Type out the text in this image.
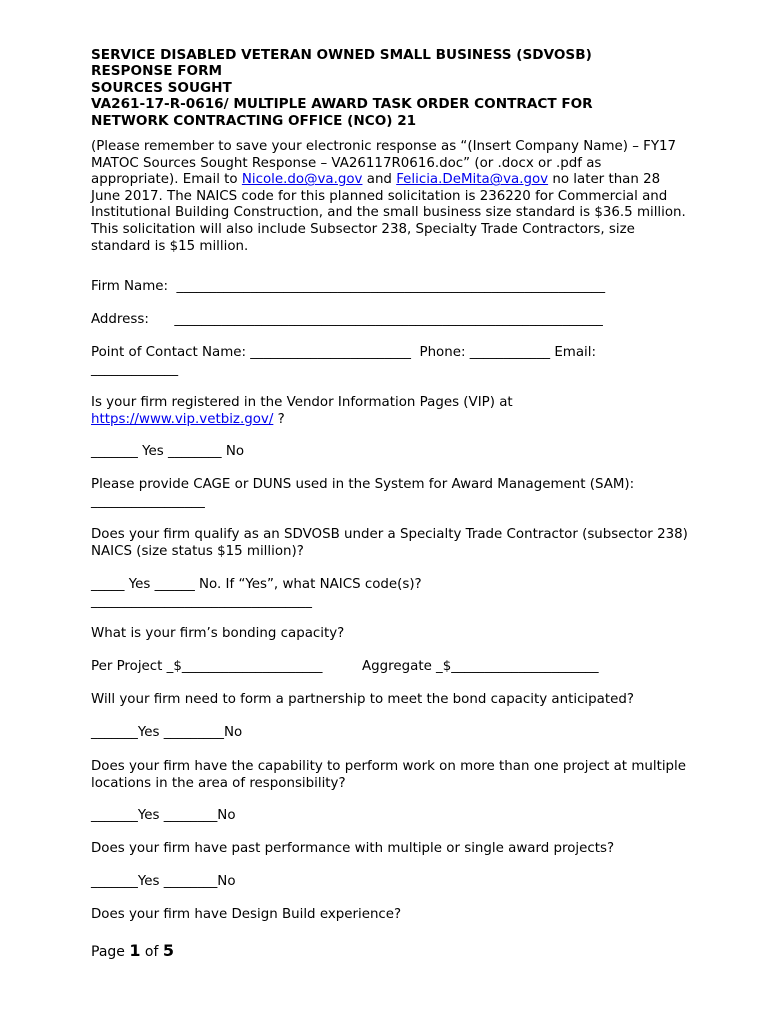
SERVICE DISABLED VETERAN OWNED SMALL BUSINESS (SDVOSB)

RESPONSE FORM

SOURCES SOUGHT

VA261-17-R-0616/ MULTIPLE AWARD TASK ORDER CONTRACT FOR

NETWORK CONTRACTING OFFICE (NCO) 21

(Please remember to save your electronic response as “(Insert Company Name) – FY17 MATOC Sources Sought Response – VA26117R0616.doc” (or .docx or .pdf as appropriate). Email to Nicole.do@va.gov and Felicia.DeMita@va.gov no later than 28 June 2017. The NAICS code for this planned solicitation is 236220 for Commercial and Institutional Building Construction, and the small business size standard is $36.5 million. This solicitation will also include Subsector 238, Specialty Trade Contractors, size standard is $15 million.

Firm Name:  ________________________________________________________________
Address:      ________________________________________________________________
Point of Contact Name: ________________________  Phone: ____________ Email:
_____________
Is your firm registered in the Vendor Information Pages (VIP) at
https://www.vip.vetbiz.gov/ ?
_______ Yes ________ No
Please provide CAGE or DUNS used in the System for Award Management (SAM):
_________________
Does your firm qualify as an SDVOSB under a Specialty Trade Contractor (subsector 238) NAICS (size status $15 million)?
_____ Yes ______ No. If “Yes”, what NAICS code(s)?
_________________________________
What is your firm’s bonding capacity?
Per Project _$_____________________	Aggregate _$______________________
Will your firm need to form a partnership to meet the bond capacity anticipated?
_______Yes _________No
Does your firm have the capability to perform work on more than one project at multiple locations in the area of responsibility?
_______Yes ________No
Does your firm have past performance with multiple or single award projects?
_______Yes ________No
Does your firm have Design Build experience?
Page 1 of 5
